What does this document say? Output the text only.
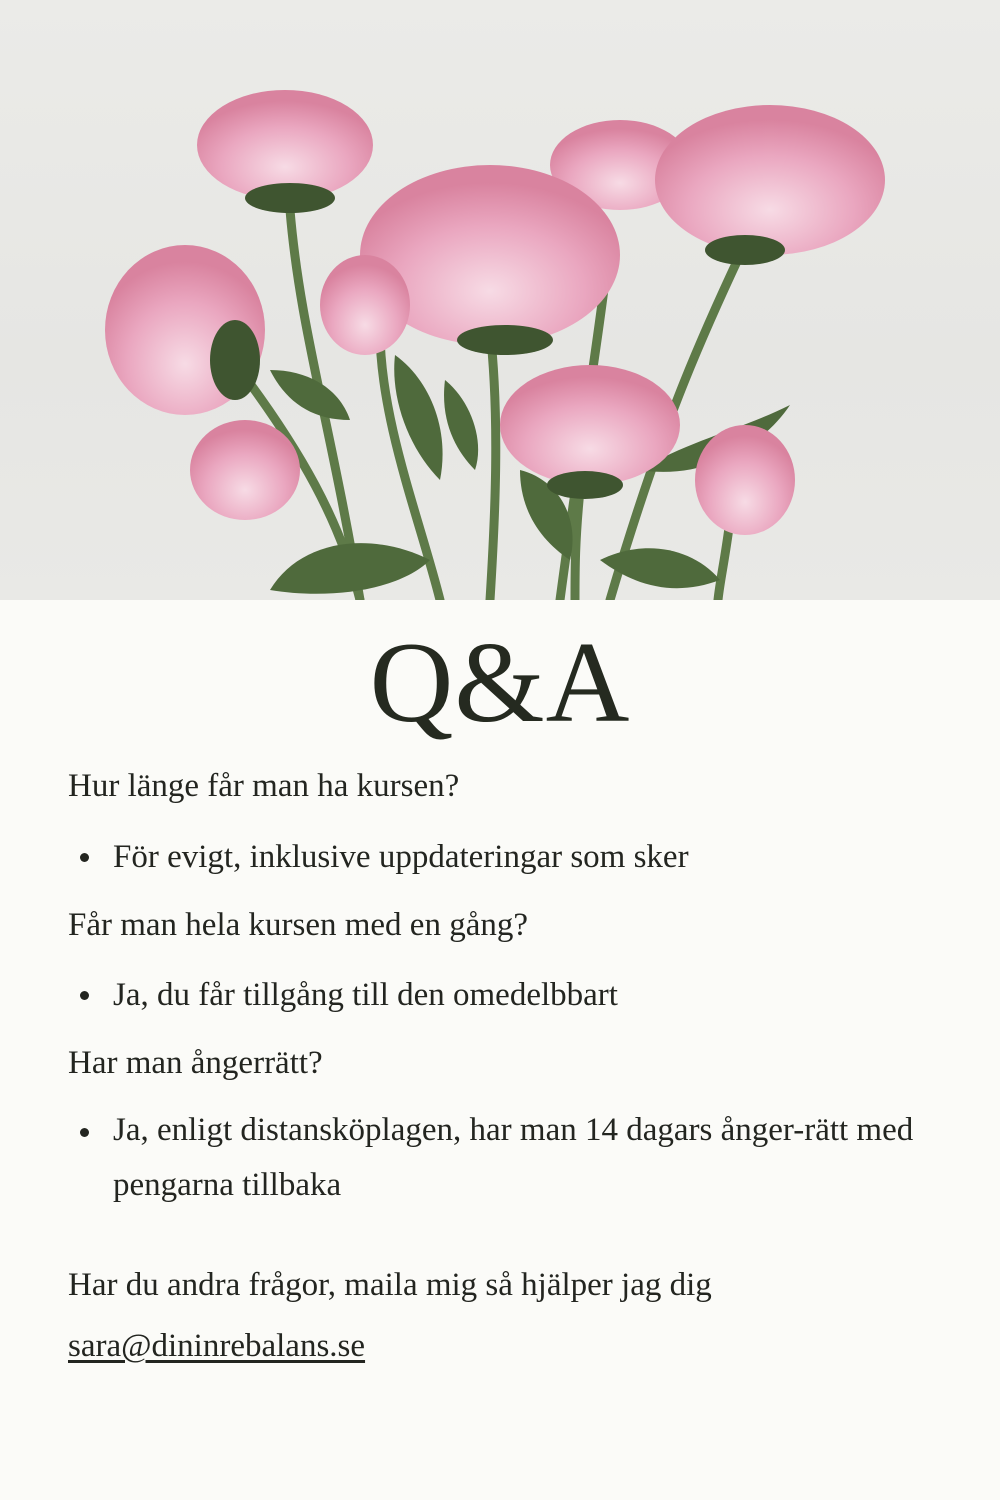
Q&A
Hur länge får man ha kursen?
För evigt, inklusive uppdateringar som sker
Får man hela kursen med en gång?
Ja, du får tillgång till den omedelbbart
Har man ångerrätt?
Ja, enligt distansköplagen, har man 14 dagars ånger-rätt med pengarna tillbaka
Har du andra frågor, maila mig så hjälper jag dig
sara@dininrebalans.se
